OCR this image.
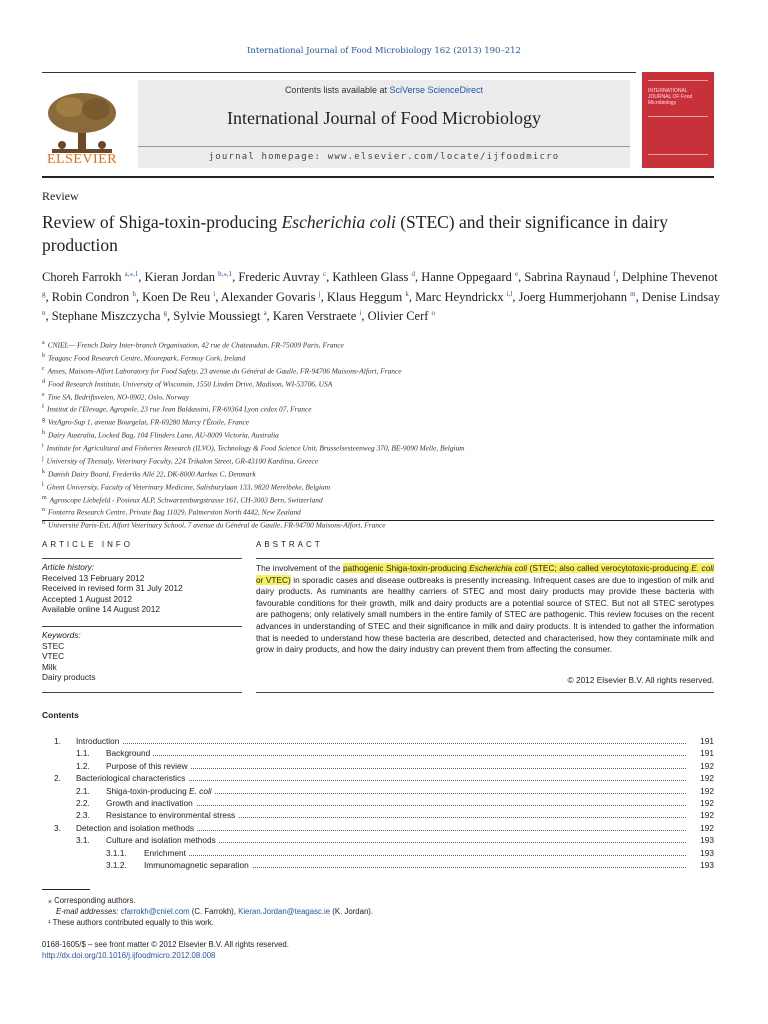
International Journal of Food Microbiology 162 (2013) 190–212
ELSEVIER
Contents lists available at SciVerse ScienceDirect
International Journal of Food Microbiology
journal homepage: www.elsevier.com/locate/ijfoodmicro
INTERNATIONAL JOURNAL OF Food Microbiology
Review
Review of Shiga-toxin-producing Escherichia coli (STEC) and their significance in dairy production
Choreh Farrokh $^{a,⁎,1}$, Kieran Jordan $^{b,⁎,1}$, Frederic Auvray $^c$, Kathleen Glass $^d$, Hanne Oppegaard $^e$, Sabrina Raynaud $^f$, Delphine Thevenot $^g$, Robin Condron $^h$, Koen De Reu $^i$, Alexander Govaris $^j$, Klaus Heggum $^k$, Marc Heyndrickx $^{i,l}$, Joerg Hummerjohann $^m$, Denise Lindsay $^n$, Stephane Miszczycha $^g$, Sylvie Moussiegt $^a$, Karen Verstraete $^i$, Olivier Cerf $^o$
$^a$ CNIEL— French Dairy Inter-branch Organisation, 42 rue de Chateaudun, FR-75009 Paris, France
$^b$ Teagasc Food Research Centre, Moorepark, Fermoy Cork, Ireland
$^c$ Anses, Maisons-Alfort Laboratory for Food Safety, 23 avenue du Général de Gaulle, FR-94706 Maisons-Alfort, France
$^d$ Food Research Institute, University of Wisconsin, 1550 Linden Drive, Madison, WI-53706, USA
$^e$ Tine SA, Bedriftsveien, NO-0902, Oslo, Norway
$^f$ Institut de l'Elevage, Agropole, 23 rue Jean Baldassini, FR-69364 Lyon cedex 07, France
$^g$ VetAgro-Sup 1, avenue Bourgelat, FR-69280 Marcy l'Étoile, France
$^h$ Dairy Australia, Locked Bag, 104 Flinders Lane, AU-8009 Victoria, Australia
$^i$ Institute for Agricultural and Fisheries Research (ILVO), Technology & Food Science Unit, Brusselsesteenweg 370, BE-9090 Melle, Belgium
$^j$ University of Thessaly, Veterinary Faculty, 224 Trikalon Street, GR-43100 Karditsa, Greece
$^k$ Danish Dairy Board, Frederiks Allé 22, DK-8000 Aarhus C, Denmark
$^l$ Ghent University, Faculty of Veterinary Medicine, Salisburylaan 133, 9820 Merelbeke, Belgium
$^m$ Agroscope Liebefeld - Posieux ALP, Schwarzenburgstrasse 161, CH-3003 Bern, Switzerland
$^n$ Fonterra Research Centre, Private Bag 11029, Palmerston North 4442, New Zealand
$^o$ Université Paris-Est, Alfort Veterinary School, 7 avenue du Général de Gaulle, FR-94700 Maisons-Alfort, France
ARTICLE INFO	ABSTRACT
Article history:
Received 13 February 2012
Received in revised form 31 July 2012
Accepted 1 August 2012
Available online 14 August 2012
Keywords:
STEC
VTEC
Milk
Dairy products
The involvement of the pathogenic Shiga-toxin-producing Escherichia coli (STEC; also called verocytotoxic-producing E. coli or VTEC) in sporadic cases and disease outbreaks is presently increasing. Infrequent cases are due to ingestion of milk and dairy products. As ruminants are healthy carriers of STEC and most dairy products may provide these bacteria with favourable conditions for their growth, milk and dairy products are a potential source of STEC. But not all STEC serotypes are pathogens; only relatively small numbers in the entire family of STEC are pathogenic. This review focuses on the recent advances in understanding of STEC and their significance in milk and dairy products. It is intended to gather the information that is needed to understand how these bacteria are described, detected and characterised, how they contaminate milk and grow in dairy products, and how the dairy industry can prevent them from affecting the consumer.
© 2012 Elsevier B.V. All rights reserved.
Contents
1. Introduction	191
1.1. Background	191
1.2. Purpose of this review	192
2. Bacteriological characteristics	192
2.1. Shiga-toxin-producing E. coli	192
2.2. Growth and inactivation	192
2.3. Resistance to environmental stress	192
3. Detection and isolation methods	192
3.1. Culture and isolation methods	193
3.1.1. Enrichment	193
3.1.2. Immunomagnetic separation	193
⁎ Corresponding authors.
E-mail addresses: cfarrokh@cniel.com (C. Farrokh), Kieran.Jordan@teagasc.ie (K. Jordan).
¹ These authors contributed equally to this work.
0168-1605/$ – see front matter © 2012 Elsevier B.V. All rights reserved.
http://dx.doi.org/10.1016/j.ijfoodmicro.2012.08.008
